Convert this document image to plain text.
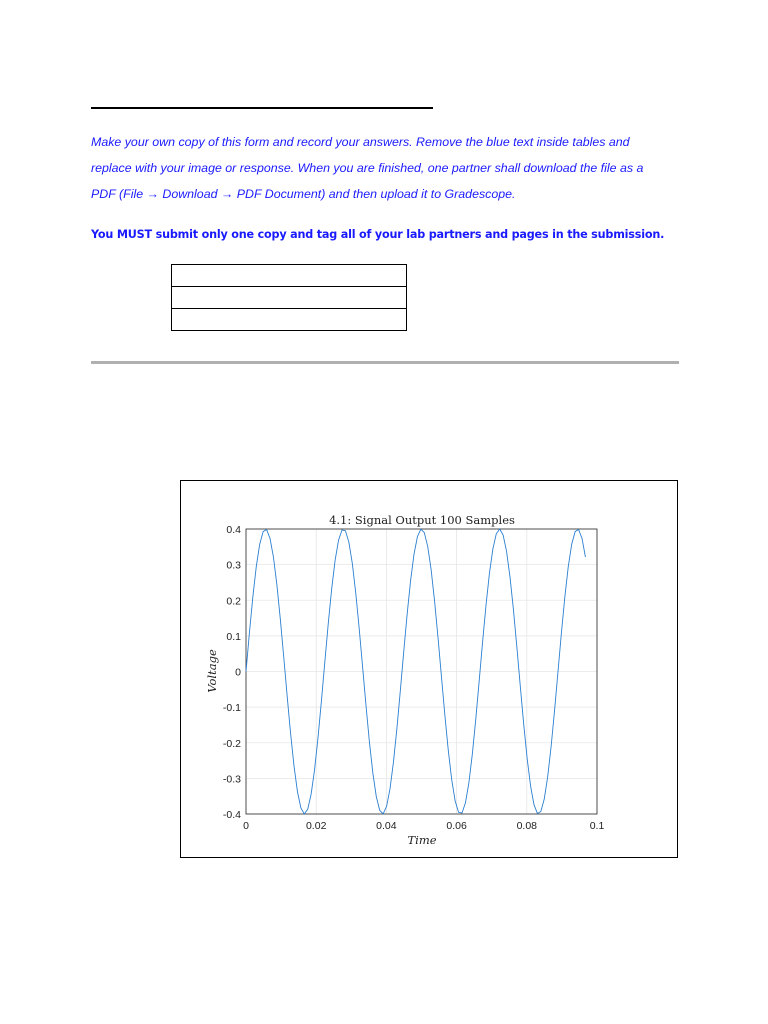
Make your own copy of this form and record your answers. Remove the blue text inside tables and
replace with your image or response. When you are finished, one partner shall download the file as a
PDF (File → Download → PDF Document) and then upload it to Gradescope.
You MUST submit only one copy and tag all of your lab partners and pages in the submission.

0.4
0.3
0.2
0.1
0
-0.1
-0.2
-0.3
-0.4
0	0.02	0.04	0.06	0.08	0.1
4.1: Signal Output 100 Samples
Time
Voltage
